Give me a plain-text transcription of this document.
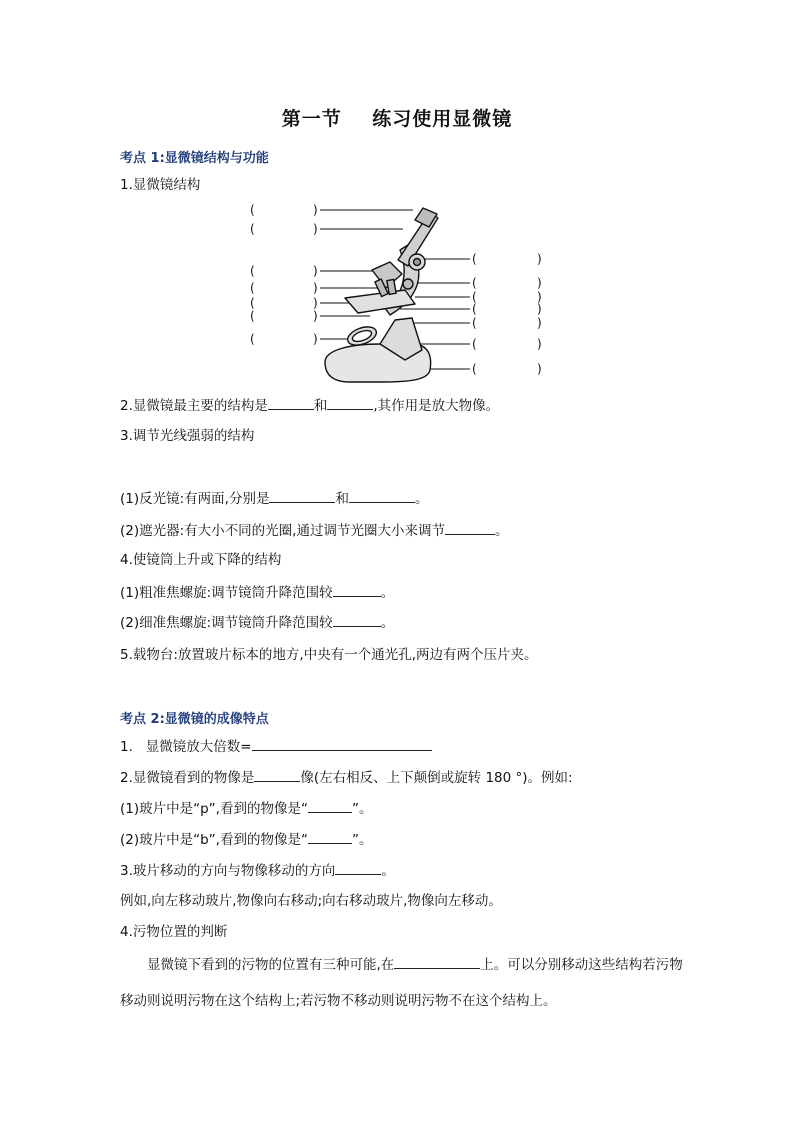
第一节    练习使用显微镜
考点 1:显微镜结构与功能
1.显微镜结构
(	)
(	)
(	)
(	)
(	)
(	)
(	)
(	)
(	)
(	)
(	)
(	)
(	)
(	)
2.显微镜最主要的结构是	和	,其作用是放大物像。
3.调节光线强弱的结构
(1)反光镜:有两面,分别是	和	。
(2)遮光器:有大小不同的光圈,通过调节光圈大小来调节	。
4.使镜筒上升或下降的结构
(1)粗准焦螺旋:调节镜筒升降范围较	。
(2)细准焦螺旋:调节镜筒升降范围较	。
5.载物台:放置玻片标本的地方,中央有一个通光孔,两边有两个压片夹。
考点 2:显微镜的成像特点
1.   显微镜放大倍数=
2.显微镜看到的物像是	像(左右相反、上下颠倒或旋转 180 °)。例如:
(1)玻片中是“p”,看到的物像是“	”。
(2)玻片中是“b”,看到的物像是“	”。
3.玻片移动的方向与物像移动的方向	。
例如,向左移动玻片,物像向右移动;向右移动玻片,物像向左移动。
4.污物位置的判断
显微镜下看到的污物的位置有三种可能,在	上。可以分别移动这些结构若污物移动则说明污物在这个结构上;若污物不移动则说明污物不在这个结构上。
